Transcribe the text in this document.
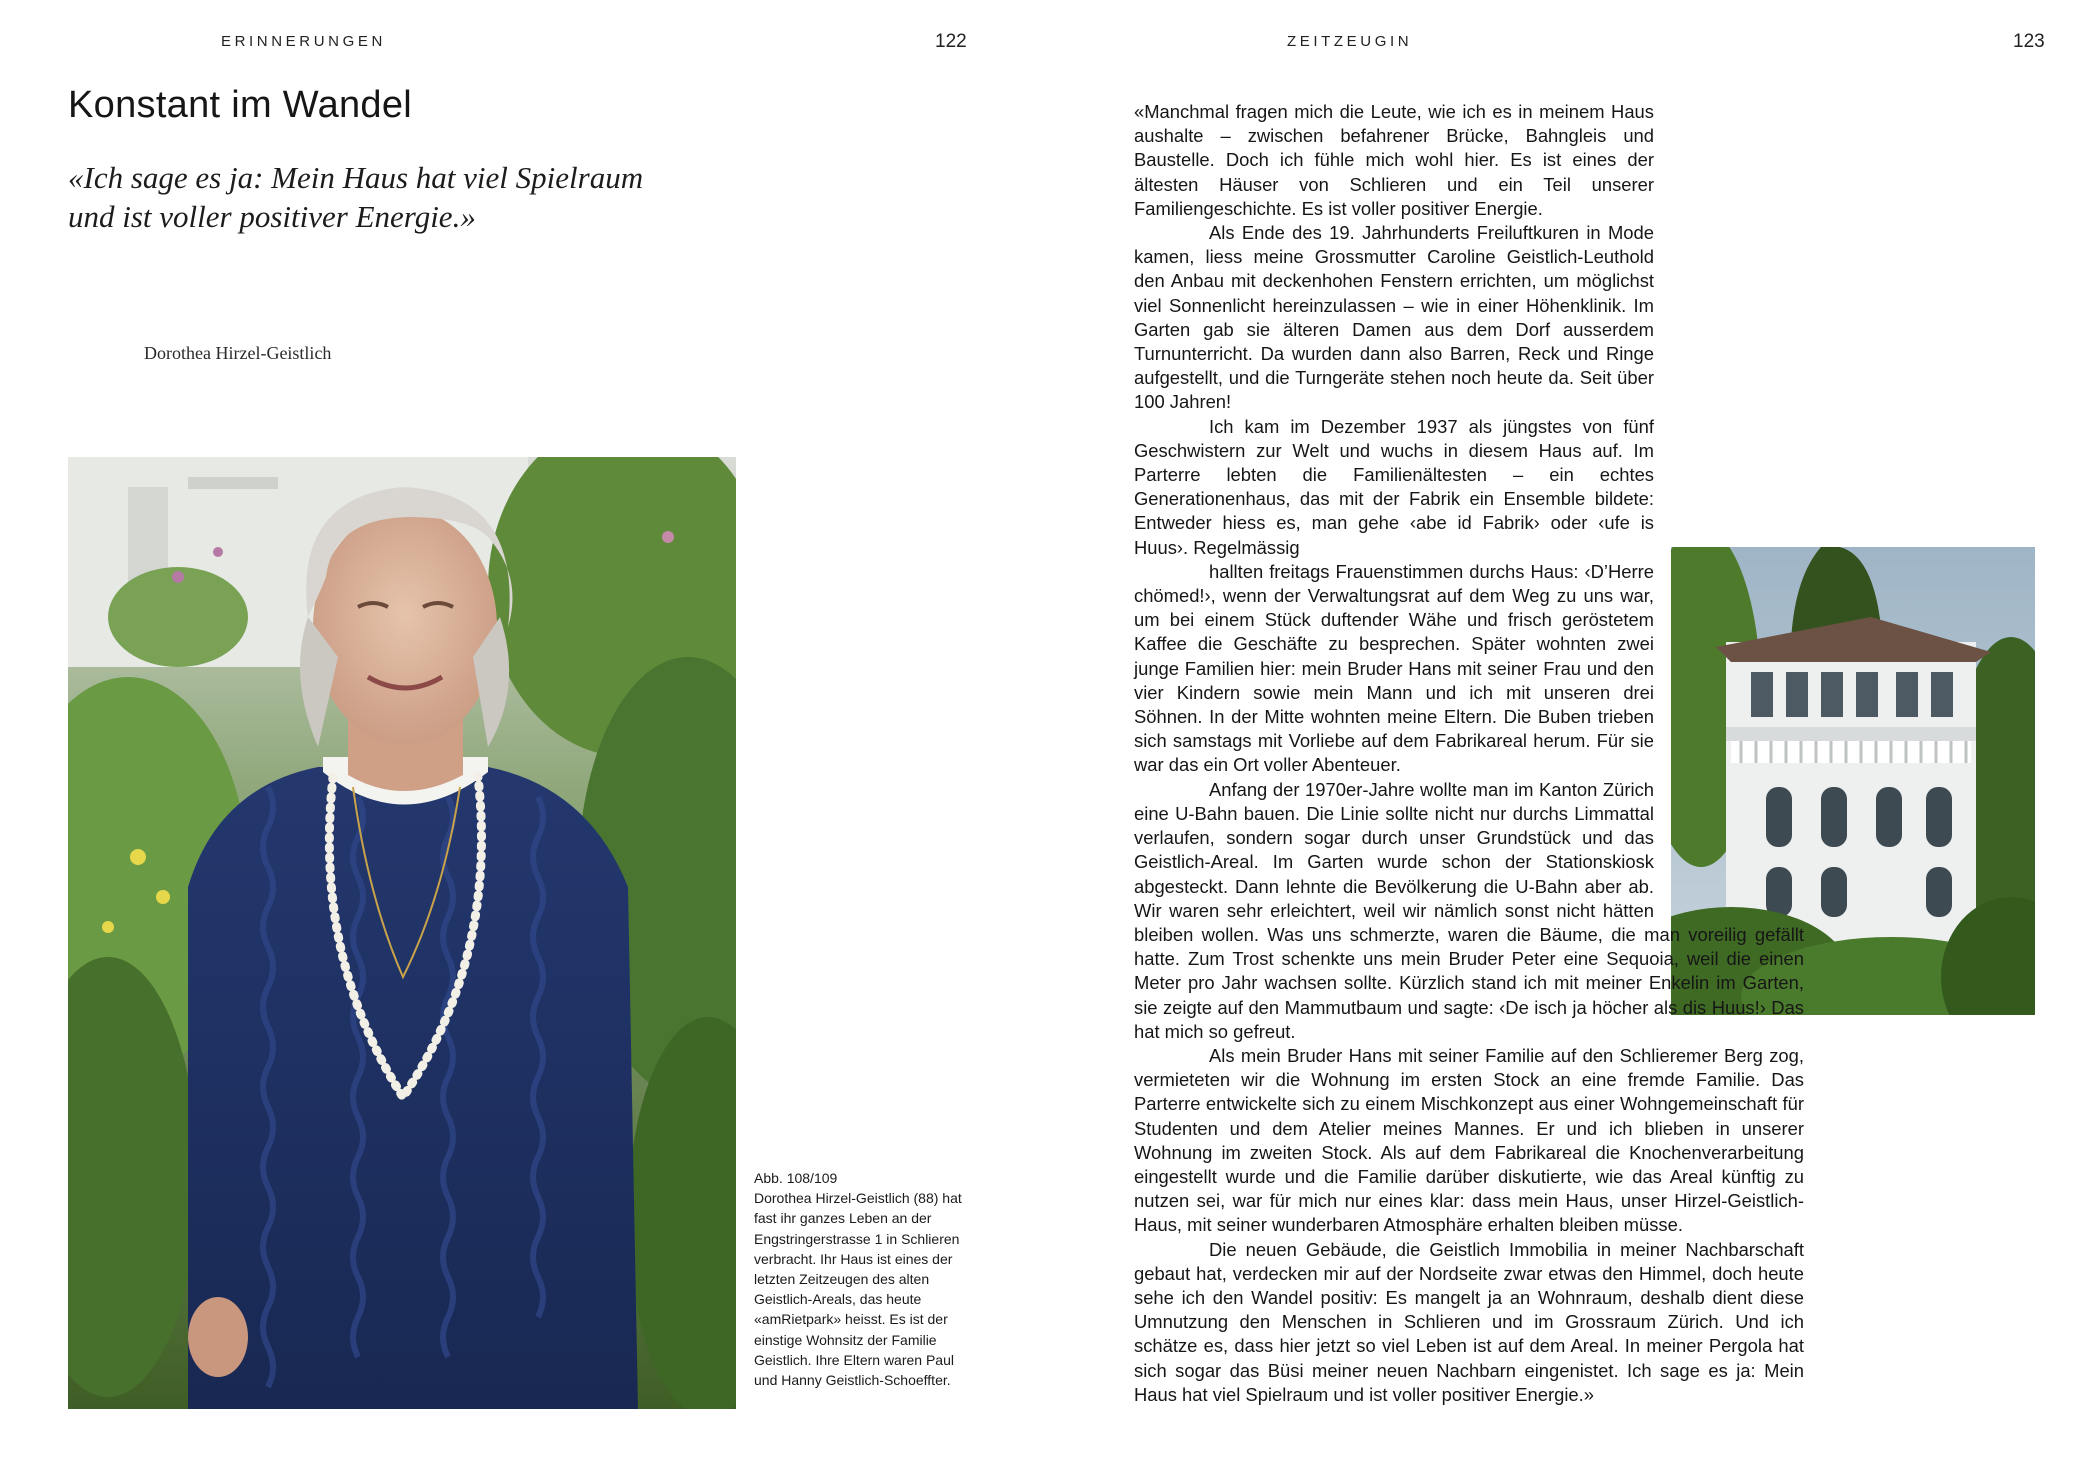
ERINNERUNGEN	122
Konstant im Wandel
«Ich sage es ja: Mein Haus hat viel Spielraum
und ist voller positiver Energie.»
Dorothea Hirzel-Geistlich
Abb. 108/109
Dorothea Hirzel-Geistlich (88) hat fast ihr ganzes Leben an der Engstringerstrasse 1 in Schlieren verbracht. Ihr Haus ist eines der letzten Zeitzeugen des alten Geistlich-Areals, das heute «amRietpark» heisst. Es ist der einstige Wohnsitz der Familie Geistlich. Ihre Eltern waren Paul und Hanny Geistlich-Schoeffter.
ZEITZEUGIN	123

«Manchmal fragen mich die Leute, wie ich es in meinem Haus aushalte – zwischen befahrener Brücke, Bahngleis und Baustelle. Doch ich fühle mich wohl hier. Es ist eines der ältesten Häuser von Schlieren und ein Teil unserer Familiengeschichte. Es ist voller positiver Energie.

Als Ende des 19. Jahrhunderts Freiluftkuren in Mode kamen, liess meine Grossmutter Caroline Geistlich-Leuthold den Anbau mit deckenhohen Fenstern errichten, um möglichst viel Sonnenlicht hereinzulassen – wie in einer Höhenklinik. Im Garten gab sie älteren Damen aus dem Dorf ausserdem Turnunterricht. Da wurden dann also Barren, Reck und Ringe aufgestellt, und die Turngeräte stehen noch heute da. Seit über 100 Jahren!

Ich kam im Dezember 1937 als jüngstes von fünf Geschwistern zur Welt und wuchs in diesem Haus auf. Im Parterre lebten die Familienältesten – ein echtes Generationenhaus, das mit der Fabrik ein Ensemble bildete: Entweder hiess es, man gehe ‹abe id Fabrik› oder ‹ufe is Huus›. Regelmässig

hallten freitags Frauenstimmen durchs Haus: ‹D’Herre chömed!›, wenn der Verwaltungsrat auf dem Weg zu uns war, um bei einem Stück duftender Wähe und frisch geröstetem Kaffee die Geschäfte zu besprechen. Später wohnten zwei junge Familien hier: mein Bruder Hans mit seiner Frau und den vier Kindern sowie mein Mann und ich mit unseren drei Söhnen. In der Mitte wohnten meine Eltern. Die Buben trieben sich samstags mit Vorliebe auf dem Fabrikareal herum. Für sie war das ein Ort voller Abenteuer.

Anfang der 1970er-Jahre wollte man im Kanton Zürich eine U-Bahn bauen. Die Linie sollte nicht nur durchs Limmattal verlaufen, sondern sogar durch unser Grundstück und das Geistlich-Areal. Im Garten wurde schon der Stationskiosk abgesteckt. Dann lehnte die Bevölkerung die U-Bahn aber ab. Wir waren sehr erleichtert, weil wir nämlich sonst nicht hätten bleiben wollen. Was uns schmerzte, waren die Bäume, die man voreilig gefällt hatte. Zum Trost schenkte uns mein Bruder Peter eine Sequoia, weil die einen Meter pro Jahr wachsen sollte. Kürzlich stand ich mit meiner Enkelin im Garten, sie zeigte auf den Mammutbaum und sagte: ‹De isch ja höcher als dis Huus!› Das hat mich so gefreut.

Als mein Bruder Hans mit seiner Familie auf den Schlieremer Berg zog, vermieteten wir die Wohnung im ersten Stock an eine fremde Familie. Das Parterre entwickelte sich zu einem Mischkonzept aus einer Wohngemeinschaft für Studenten und dem Atelier meines Mannes. Er und ich blieben in unserer Wohnung im zweiten Stock. Als auf dem Fabrikareal die Knochenverarbeitung eingestellt wurde und die Familie darüber diskutierte, wie das Areal künftig zu nutzen sei, war für mich nur eines klar: dass mein Haus, unser Hirzel-Geistlich-Haus, mit seiner wunderbaren Atmosphäre erhalten bleiben müsse.

Die neuen Gebäude, die Geistlich Immobilia in meiner Nachbarschaft gebaut hat, verdecken mir auf der Nordseite zwar etwas den Himmel, doch heute sehe ich den Wandel positiv: Es mangelt ja an Wohnraum, deshalb dient diese Umnutzung den Menschen in Schlieren und im Grossraum Zürich. Und ich schätze es, dass hier jetzt so viel Leben ist auf dem Areal. In meiner Pergola hat sich sogar das Büsi meiner neuen Nachbarn eingenistet. Ich sage es ja: Mein Haus hat viel Spielraum und ist voller positiver Energie.»
